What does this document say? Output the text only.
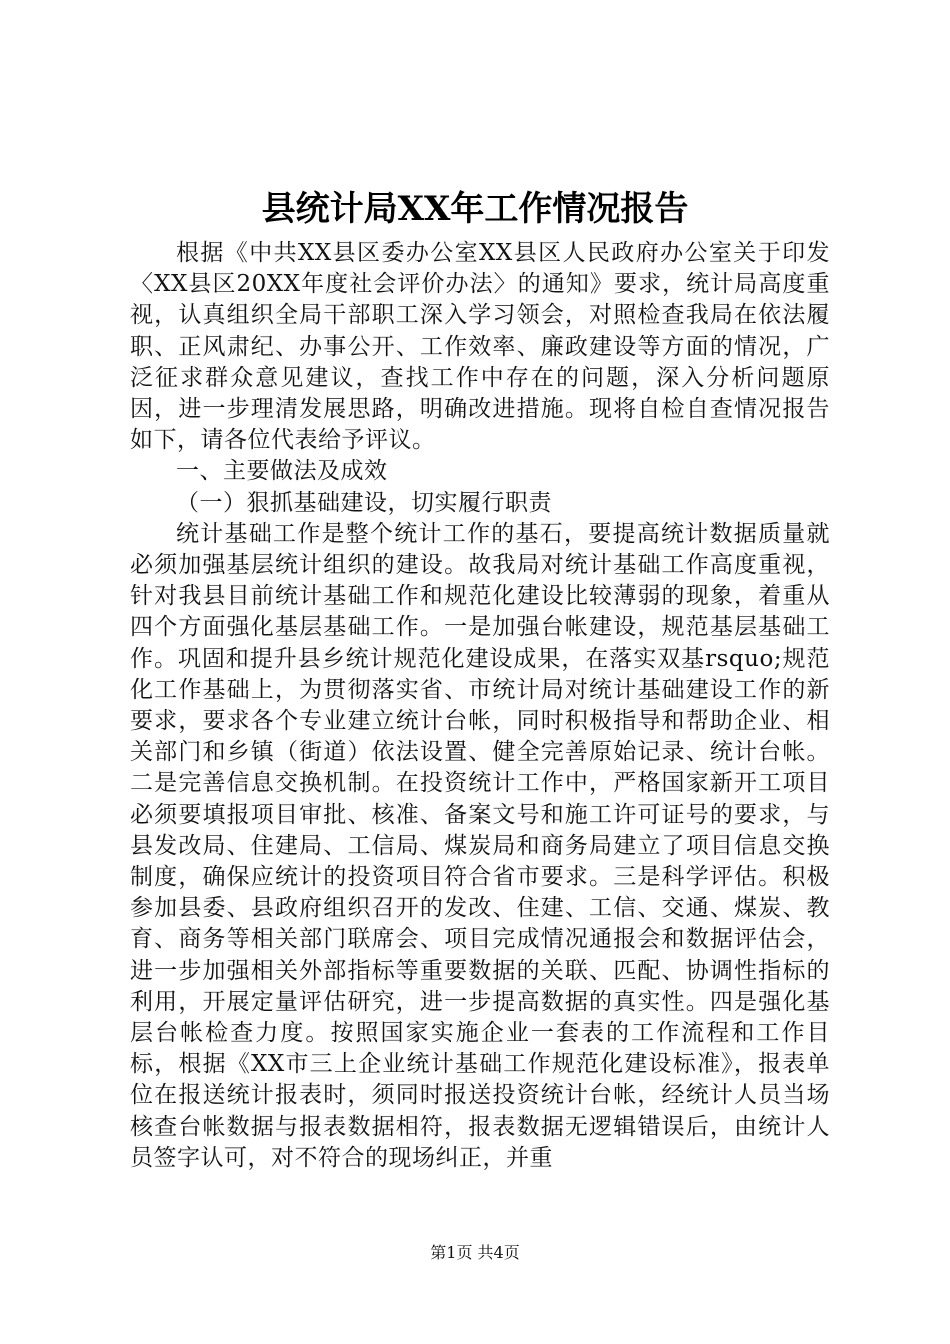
县统计局XX年工作情况报告

根据《中共XX县区委办公室XX县区人民政府办公室关于印发〈XX县区20XX年度社会评价办法〉的通知》要求，统计局高度重视，认真组织全局干部职工深入学习领会，对照检查我局在依法履职、正风肃纪、办事公开、工作效率、廉政建设等方面的情况，广泛征求群众意见建议，查找工作中存在的问题，深入分析问题原因，进一步理清发展思路，明确改进措施。现将自检自查情况报告如下，请各位代表给予评议。

一、主要做法及成效

（一）狠抓基础建设，切实履行职责

统计基础工作是整个统计工作的基石，要提高统计数据质量就必须加强基层统计组织的建设。故我局对统计基础工作高度重视，针对我县目前统计基础工作和规范化建设比较薄弱的现象，着重从四个方面强化基层基础工作。一是加强台帐建设，规范基层基础工作。巩固和提升县乡统计规范化建设成果，在落实双基rsquo;规范化工作基础上，为贯彻落实省、市统计局对统计基础建设工作的新要求，要求各个专业建立统计台帐，同时积极指导和帮助企业、相关部门和乡镇（街道）依法设置、健全完善原始记录、统计台帐。二是完善信息交换机制。在投资统计工作中，严格国家新开工项目必须要填报项目审批、核准、备案文号和施工许可证号的要求，与县发改局、住建局、工信局、煤炭局和商务局建立了项目信息交换制度，确保应统计的投资项目符合省市要求。三是科学评估。积极参加县委、县政府组织召开的发改、住建、工信、交通、煤炭、教育、商务等相关部门联席会、项目完成情况通报会和数据评估会，进一步加强相关外部指标等重要数据的关联、匹配、协调性指标的利用，开展定量评估研究，进一步提高数据的真实性。四是强化基层台帐检查力度。按照国家实施企业一套表的工作流程和工作目标，根据《XX市三上企业统计基础工作规范化建设标准》，报表单位在报送统计报表时，须同时报送投资统计台帐，经统计人员当场核查台帐数据与报表数据相符，报表数据无逻辑错误后，由统计人员签字认可，对不符合的现场纠正，并重

第1页 共4页
